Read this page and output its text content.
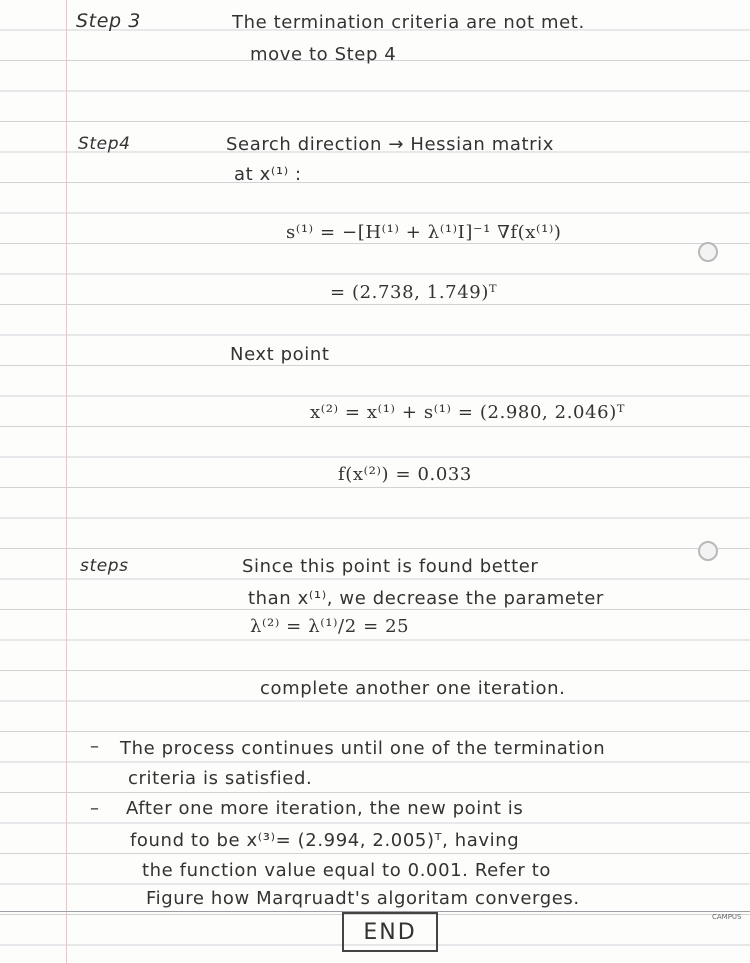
Step 3	The termination criteria are not met.
move to Step 4
Step4	Search direction → Hessian matrix
at x⁽¹⁾ :
s⁽¹⁾ = −[H⁽¹⁾ + λ⁽¹⁾I]⁻¹ ∇f(x⁽¹⁾)
= (2.738, 1.749)ᵀ
Next point
x⁽²⁾ = x⁽¹⁾ + s⁽¹⁾ = (2.980, 2.046)ᵀ
f(x⁽²⁾) = 0.033
steps	Since this point is found better
than x⁽¹⁾, we decrease the parameter
λ⁽²⁾ = λ⁽¹⁾/2 = 25
complete another one iteration.
– The process continues until one of the termination
criteria is satisfied.
– After one more iteration, the new point is
found to be x⁽³⁾= (2.994, 2.005)ᵀ, having
the function value equal to 0.001. Refer to
Figure how Marqruadt's algoritam converges.
END
CAMPUS
